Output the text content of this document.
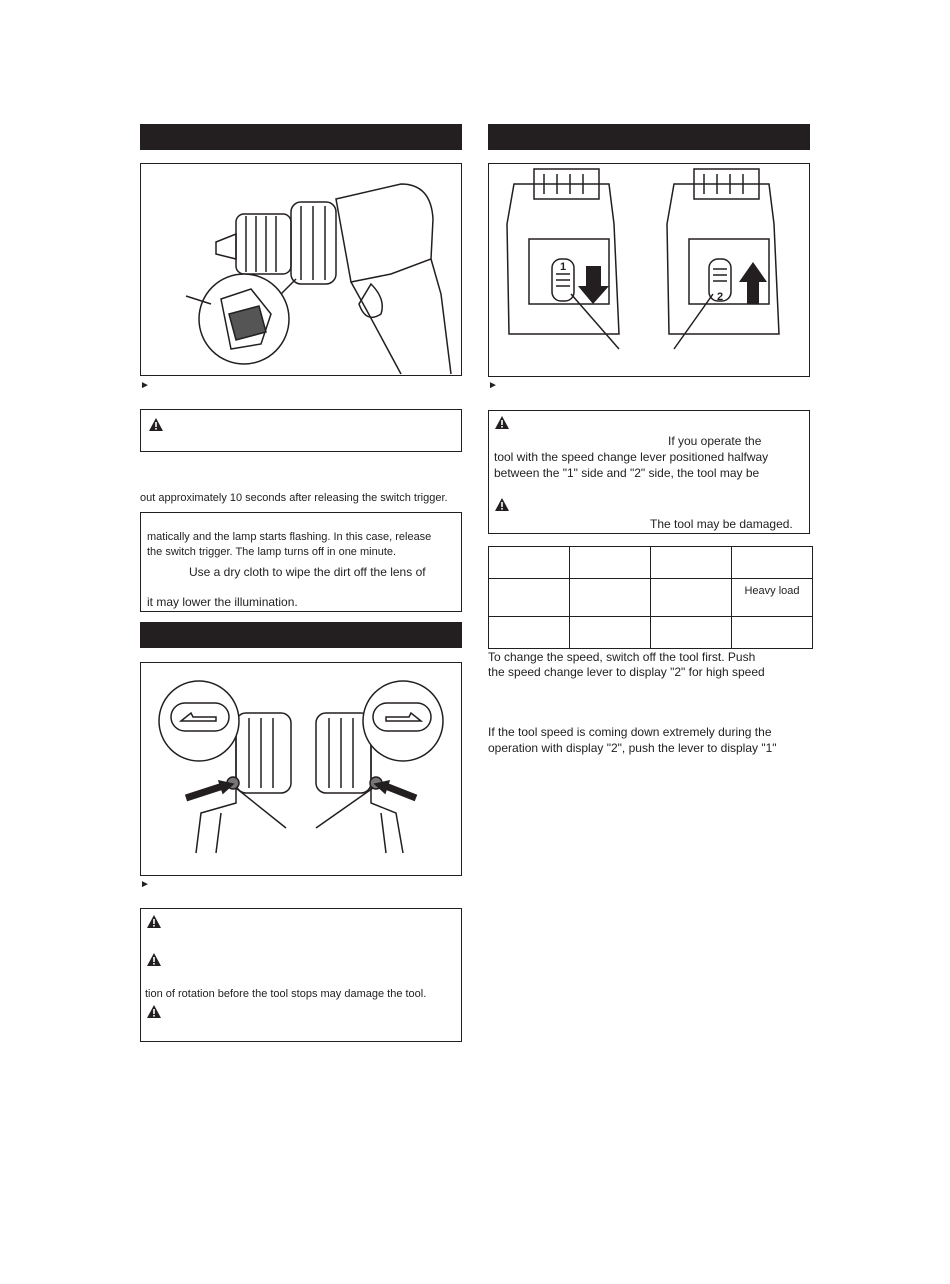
►
out approximately 10 seconds after releasing the switch trigger.
matically and the lamp starts flashing. In this case, release
the switch trigger. The lamp turns off in one minute.
Use a dry cloth to wipe the dirt off the lens of
it may lower the illumination.
►
tion of rotation before the tool stops may damage the tool.
1
2
►
If you operate the
tool with the speed change lever positioned halfway
between the "1" side and "2" side, the tool may be
The tool may be damaged.

			Heavy load

To change the speed, switch off the tool first. Push
the speed change lever to display "2" for high speed
If the tool speed is coming down extremely during the
operation with display "2", push the lever to display "1"
